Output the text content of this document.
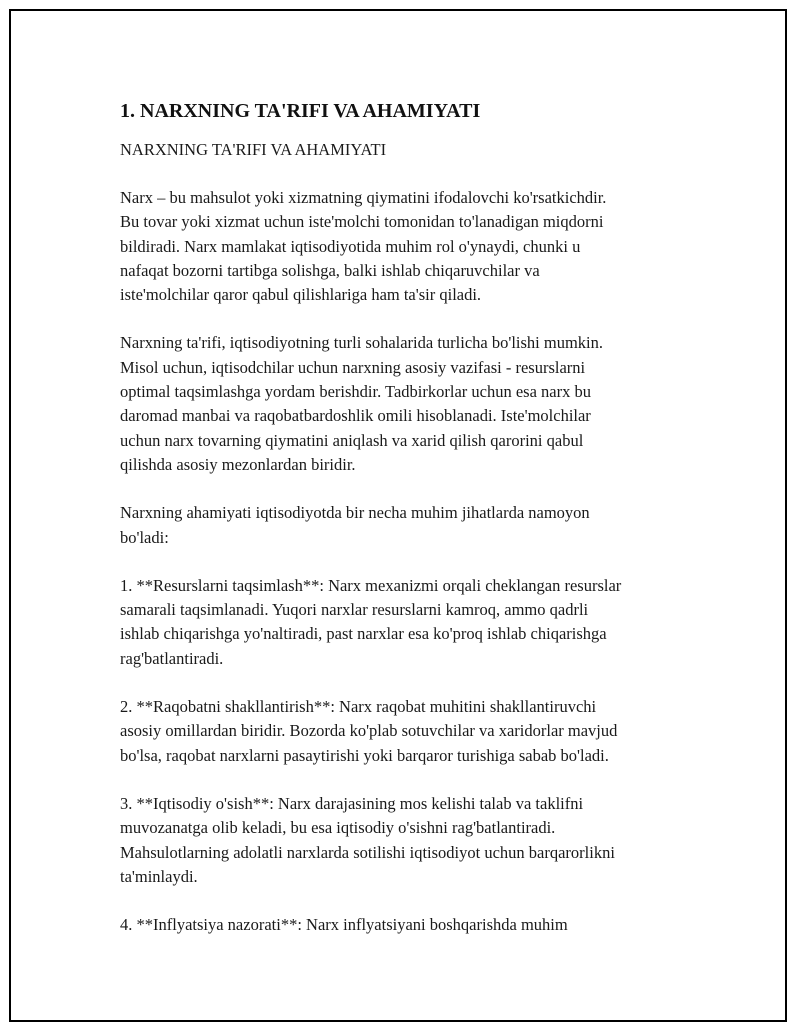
1. NARXNING TA'RIFI VA AHAMIYATI

NARXNING TA'RIFI VA AHAMIYATI

Narx – bu mahsulot yoki xizmatning qiymatini ifodalovchi ko'rsatkichdir.
Bu tovar yoki xizmat uchun iste'molchi tomonidan to'lanadigan miqdorni
bildiradi. Narx mamlakat iqtisodiyotida muhim rol o'ynaydi, chunki u
nafaqat bozorni tartibga solishga, balki ishlab chiqaruvchilar va
iste'molchilar qaror qabul qilishlariga ham ta'sir qiladi.

Narxning ta'rifi, iqtisodiyotning turli sohalarida turlicha bo'lishi mumkin.
Misol uchun, iqtisodchilar uchun narxning asosiy vazifasi - resurslarni
optimal taqsimlashga yordam berishdir. Tadbirkorlar uchun esa narx bu
daromad manbai va raqobatbardoshlik omili hisoblanadi. Iste'molchilar
uchun narx tovarning qiymatini aniqlash va xarid qilish qarorini qabul
qilishda asosiy mezonlardan biridir.

Narxning ahamiyati iqtisodiyotda bir necha muhim jihatlarda namoyon
bo'ladi:

1. **Resurslarni taqsimlash**: Narx mexanizmi orqali cheklangan resurslar
samarali taqsimlanadi. Yuqori narxlar resurslarni kamroq, ammo qadrli
ishlab chiqarishga yo'naltiradi, past narxlar esa ko'proq ishlab chiqarishga
rag'batlantiradi.

2. **Raqobatni shakllantirish**: Narx raqobat muhitini shakllantiruvchi
asosiy omillardan biridir. Bozorda ko'plab sotuvchilar va xaridorlar mavjud
bo'lsa, raqobat narxlarni pasaytirishi yoki barqaror turishiga sabab bo'ladi.

3. **Iqtisodiy o'sish**: Narx darajasining mos kelishi talab va taklifni
muvozanatga olib keladi, bu esa iqtisodiy o'sishni rag'batlantiradi.
Mahsulotlarning adolatli narxlarda sotilishi iqtisodiyot uchun barqarorlikni
ta'minlaydi.

4. **Inflyatsiya nazorati**: Narx inflyatsiyani boshqarishda muhim
